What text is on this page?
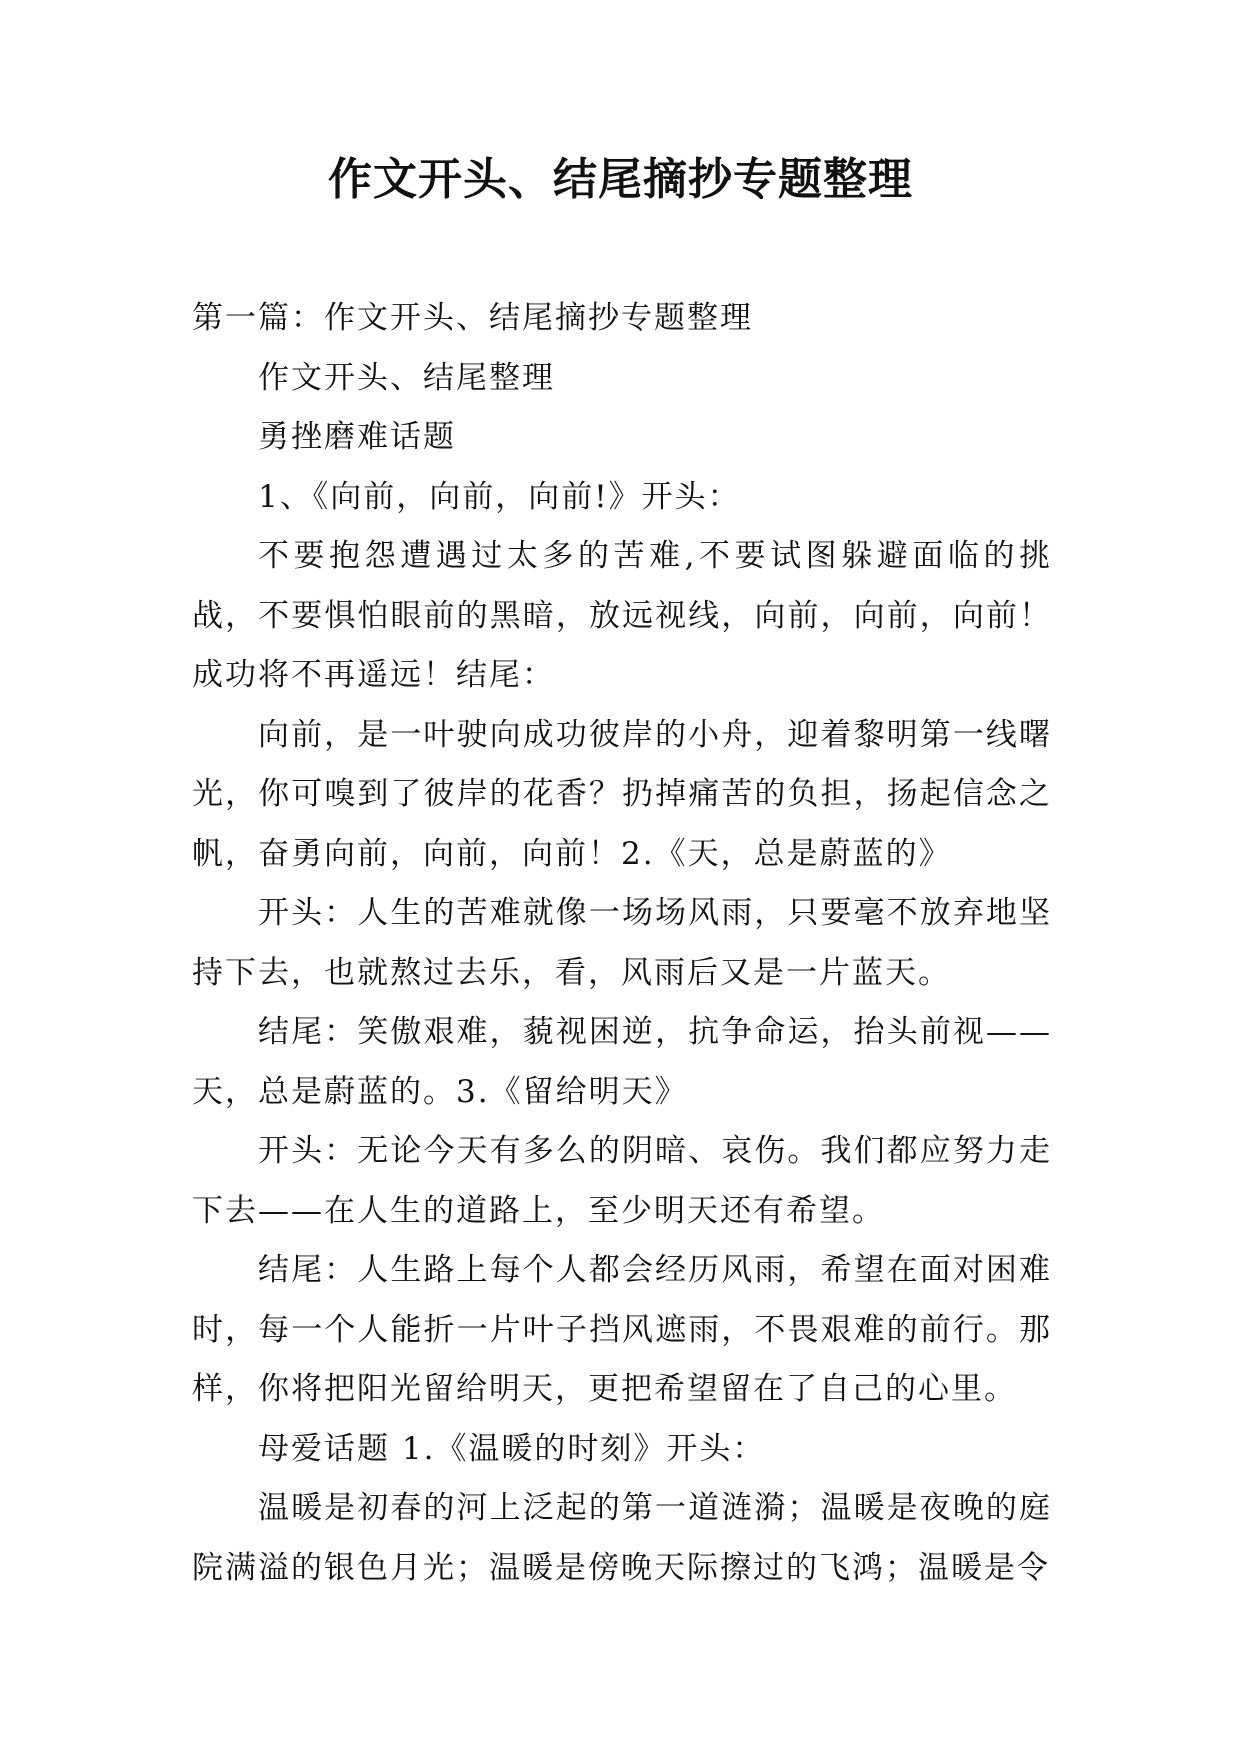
作文开头、结尾摘抄专题整理

第一篇：作文开头、结尾摘抄专题整理

作文开头、结尾整理

勇挫磨难话题

1、《向前，向前，向前!》开头：

不要抱怨遭遇过太多的苦难,不要试图躲避面临的挑战，不要惧怕眼前的黑暗，放远视线，向前，向前，向前！成功将不再遥远！结尾：

向前，是一叶驶向成功彼岸的小舟，迎着黎明第一线曙光，你可嗅到了彼岸的花香？扔掉痛苦的负担，扬起信念之帆，奋勇向前，向前，向前！2.《天，总是蔚蓝的》

开头：人生的苦难就像一场场风雨，只要毫不放弃地坚持下去，也就熬过去乐，看，风雨后又是一片蓝天。

结尾：笑傲艰难，藐视困逆，抗争命运，抬头前视——天，总是蔚蓝的。3.《留给明天》

开头：无论今天有多么的阴暗、哀伤。我们都应努力走下去——在人生的道路上，至少明天还有希望。

结尾：人生路上每个人都会经历风雨，希望在面对困难时，每一个人能折一片叶子挡风遮雨，不畏艰难的前行。那样，你将把阳光留给明天，更把希望留在了自己的心里。

母爱话题 1.《温暖的时刻》开头：

温暖是初春的河上泛起的第一道涟漪；温暖是夜晚的庭院满溢的银色月光；温暖是傍晚天际擦过的飞鸿；温暖是令
